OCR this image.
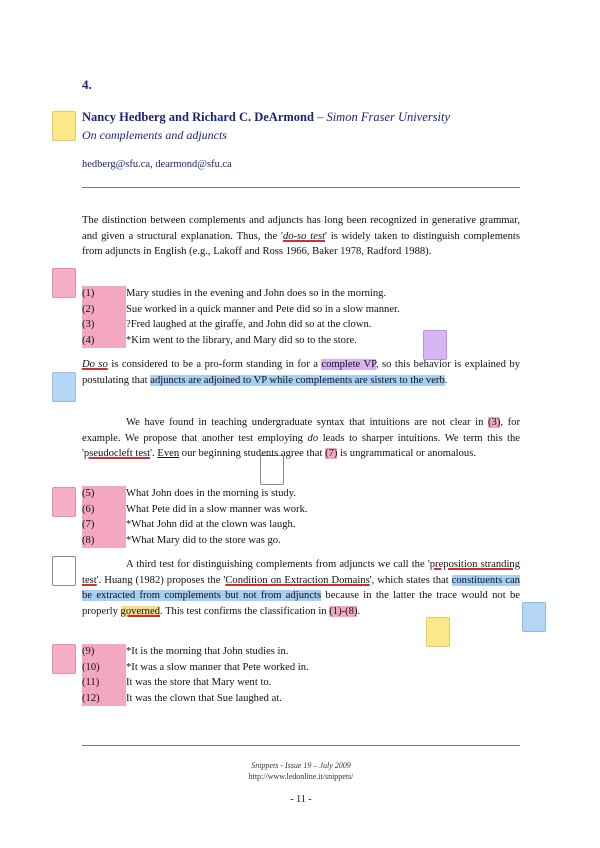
4.
Nancy Hedberg and Richard C. DeArmond – Simon Fraser University
On complements and adjuncts
hedberg@sfu.ca, dearmond@sfu.ca
The distinction between complements and adjuncts has long been recognized in generative grammar, and given a structural explanation. Thus, the 'do-so test' is widely taken to distinguish complements from adjuncts in English (e.g., Lakoff and Ross 1966, Baker 1978, Radford 1988).
(1)	Mary studies in the evening and John does so in the morning.
(2)	Sue worked in a quick manner and Pete did so in a slow manner.
(3)	?Fred laughed at the giraffe, and John did so at the clown.
(4)	*Kim went to the library, and Mary did so to the store.
Do so is considered to be a pro-form standing in for a complete VP, so this behavior is explained by postulating that adjuncts are adjoined to VP while complements are sisters to the verb.
We have found in teaching undergraduate syntax that intuitions are not clear in (3), for example. We propose that another test employing do leads to sharper intuitions. We term this the 'pseudocleft test'. Even our beginning students agree that (7) is ungrammatical or anomalous.
(5)	What John does in the morning is study.
(6)	What Pete did in a slow manner was work.
(7)	*What John did at the clown was laugh.
(8)	*What Mary did to the store was go.
A third test for distinguishing complements from adjuncts we call the 'preposition stranding test'. Huang (1982) proposes the 'Condition on Extraction Domains', which states that constituents can be extracted from complements but not from adjuncts because in the latter the trace would not be properly governed. This test confirms the classification in (1)-(8).
(9)	*It is the morning that John studies in.
(10)	*It was a slow manner that Pete worked in.
(11)	It was the store that Mary went to.
(12)	It was the clown that Sue laughed at.
Snippets - Issue 19 – July 2009
http://www.ledonline.it/snippets/
- 11 -
